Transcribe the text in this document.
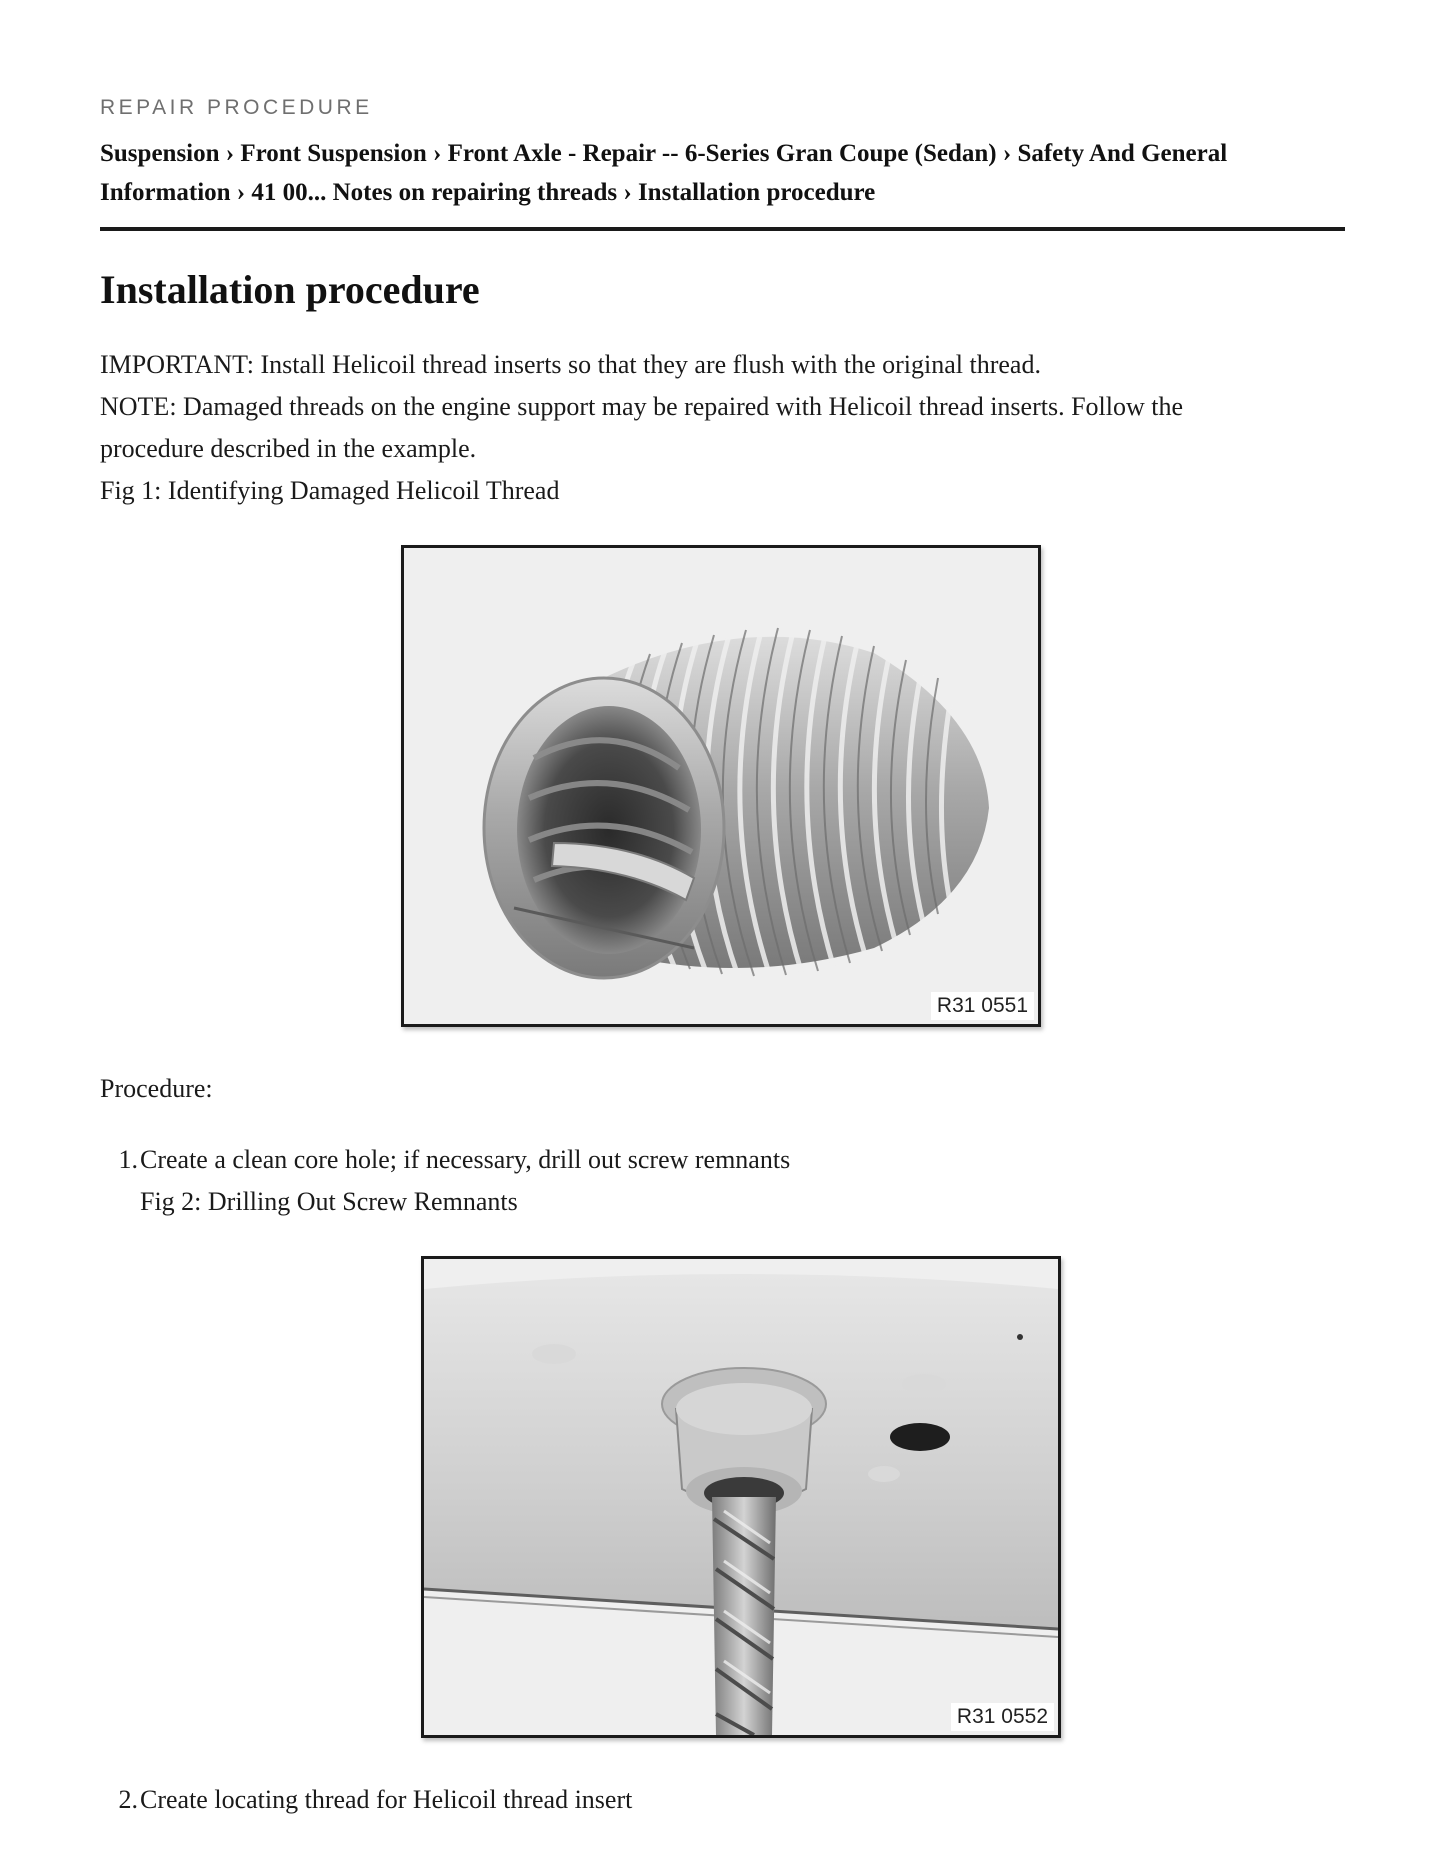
REPAIR PROCEDURE
Suspension › Front Suspension › Front Axle - Repair -- 6-Series Gran Coupe (Sedan) › Safety And General
Information › 41 00... Notes on repairing threads › Installation procedure
Installation procedure

IMPORTANT: Install Helicoil thread inserts so that they are flush with the original thread.

NOTE: Damaged threads on the engine support may be repaired with Helicoil thread inserts. Follow the

procedure described in the example.

Fig 1: Identifying Damaged Helicoil Thread

R31 0551

Procedure:

1. Create a clean core hole; if necessary, drill out screw remnants

Fig 2: Drilling Out Screw Remnants

R31 0552
2. Create locating thread for Helicoil thread insert
